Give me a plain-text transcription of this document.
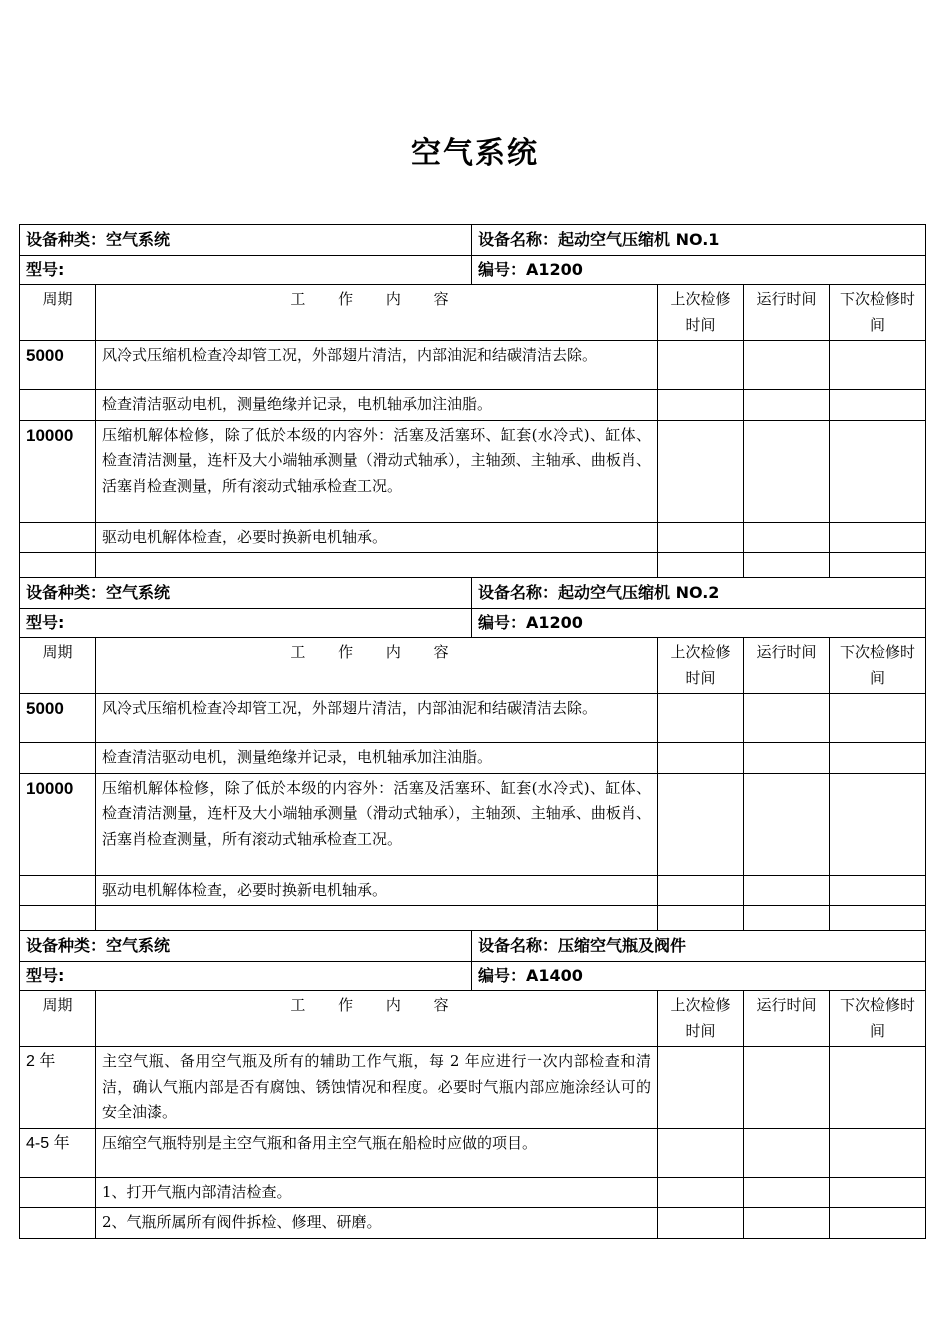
空气系统
设备种类：空气系统		设备名称：起动空气压缩机 NO.1			
型号:		编号：A1200			
周期	工 作 内 容		上次检修时间	运行时间	下次检修时间
5000	风冷式压缩机检查冷却管工况，外部翅片清洁，内部油泥和结碳清洁去除。				
	检查清洁驱动电机，测量绝缘并记录，电机轴承加注油脂。				
10000	压缩机解体检修，除了低於本级的内容外：活塞及活塞环、缸套(水冷式)、缸体、检查清洁测量，连杆及大小端轴承测量（滑动式轴承），主轴颈、主轴承、曲板肖、活塞肖检查测量，所有滚动式轴承检查工况。				
	驱动电机解体检查，必要时换新电机轴承。				

设备种类：空气系统		设备名称：起动空气压缩机 NO.2			
型号:		编号：A1200			
周期	工 作 内 容		上次检修时间	运行时间	下次检修时间
5000	风冷式压缩机检查冷却管工况，外部翅片清洁，内部油泥和结碳清洁去除。				
	检查清洁驱动电机，测量绝缘并记录，电机轴承加注油脂。				
10000	压缩机解体检修，除了低於本级的内容外：活塞及活塞环、缸套(水冷式)、缸体、检查清洁测量，连杆及大小端轴承测量（滑动式轴承），主轴颈、主轴承、曲板肖、活塞肖检查测量，所有滚动式轴承检查工况。				
	驱动电机解体检查，必要时换新电机轴承。				

设备种类：空气系统		设备名称：压缩空气瓶及阀件			
型号:		编号：A1400			
周期	工 作 内 容		上次检修时间	运行时间	下次检修时间
2 年	主空气瓶、备用空气瓶及所有的辅助工作气瓶，每 2 年应进行一次内部检查和清洁，确认气瓶内部是否有腐蚀、锈蚀情况和程度。必要时气瓶内部应施涂经认可的安全油漆。				
4-5 年	压缩空气瓶特别是主空气瓶和备用主空气瓶在船检时应做的项目。				
	1、打开气瓶内部清洁检查。				
	2、气瓶所属所有阀件拆检、修理、研磨。				
